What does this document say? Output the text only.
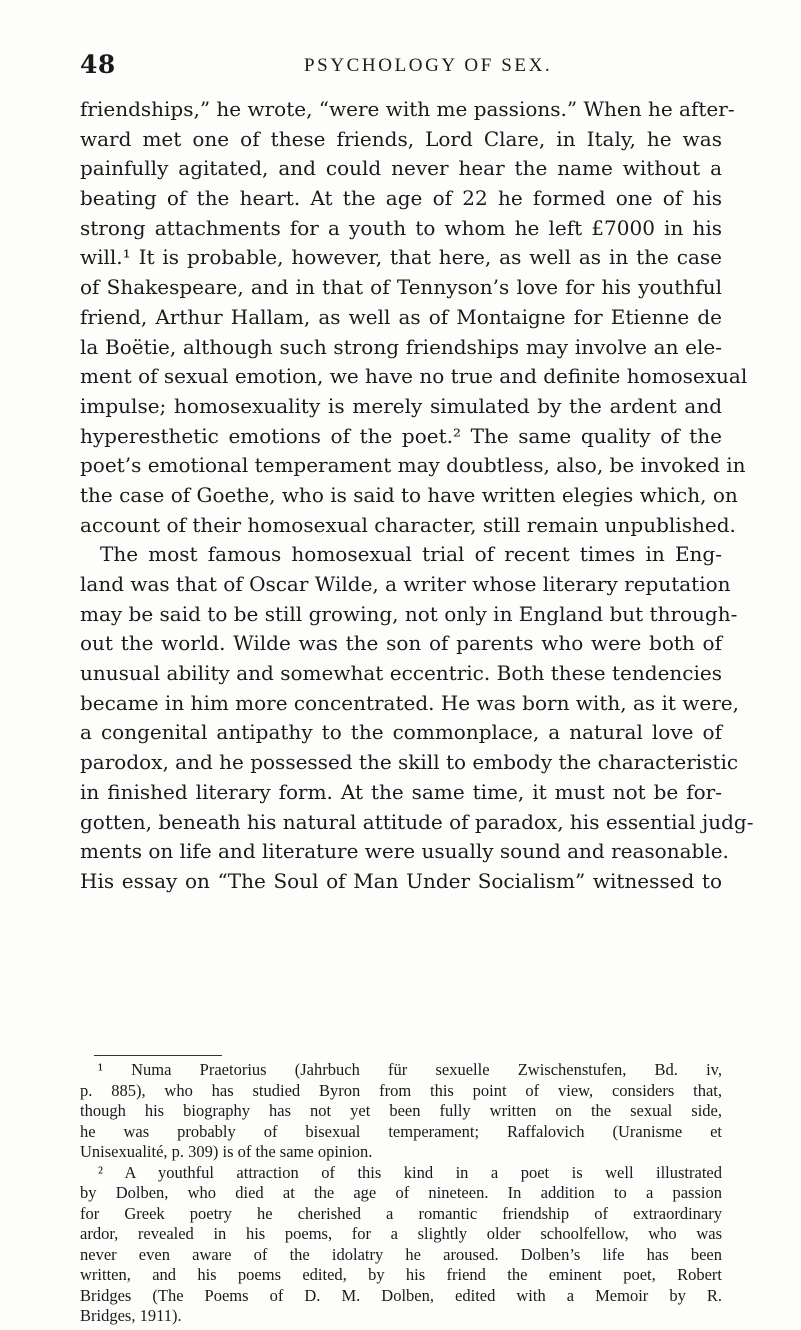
48	PSYCHOLOGY OF SEX.
friendships,” he wrote, “were with me passions.” When he after-
ward met one of these friends, Lord Clare, in Italy, he was
painfully agitated, and could never hear the name without a
beating of the heart. At the age of 22 he formed one of his
strong attachments for a youth to whom he left £7000 in his
will.¹ It is probable, however, that here, as well as in the case
of Shakespeare, and in that of Tennyson’s love for his youthful
friend, Arthur Hallam, as well as of Montaigne for Etienne de
la Boëtie, although such strong friendships may involve an ele-
ment of sexual emotion, we have no true and definite homosexual
impulse; homosexuality is merely simulated by the ardent and
hyperesthetic emotions of the poet.² The same quality of the
poet’s emotional temperament may doubtless, also, be invoked in
the case of Goethe, who is said to have written elegies which, on
account of their homosexual character, still remain unpublished.
The most famous homosexual trial of recent times in Eng-
land was that of Oscar Wilde, a writer whose literary reputation
may be said to be still growing, not only in England but through-
out the world. Wilde was the son of parents who were both of
unusual ability and somewhat eccentric. Both these tendencies
became in him more concentrated. He was born with, as it were,
a congenital antipathy to the commonplace, a natural love of
parodox, and he possessed the skill to embody the characteristic
in finished literary form. At the same time, it must not be for-
gotten, beneath his natural attitude of paradox, his essential judg-
ments on life and literature were usually sound and reasonable.
His essay on “The Soul of Man Under Socialism” witnessed to
¹ Numa Praetorius (Jahrbuch für sexuelle Zwischenstufen, Bd. iv,
p. 885), who has studied Byron from this point of view, considers that,
though his biography has not yet been fully written on the sexual side,
he was probably of bisexual temperament; Raffalovich (Uranisme et
Unisexualité, p. 309) is of the same opinion.
² A youthful attraction of this kind in a poet is well illustrated
by Dolben, who died at the age of nineteen. In addition to a passion
for Greek poetry he cherished a romantic friendship of extraordinary
ardor, revealed in his poems, for a slightly older schoolfellow, who was
never even aware of the idolatry he aroused. Dolben’s life has been
written, and his poems edited, by his friend the eminent poet, Robert
Bridges (The Poems of D. M. Dolben, edited with a Memoir by R.
Bridges, 1911).
